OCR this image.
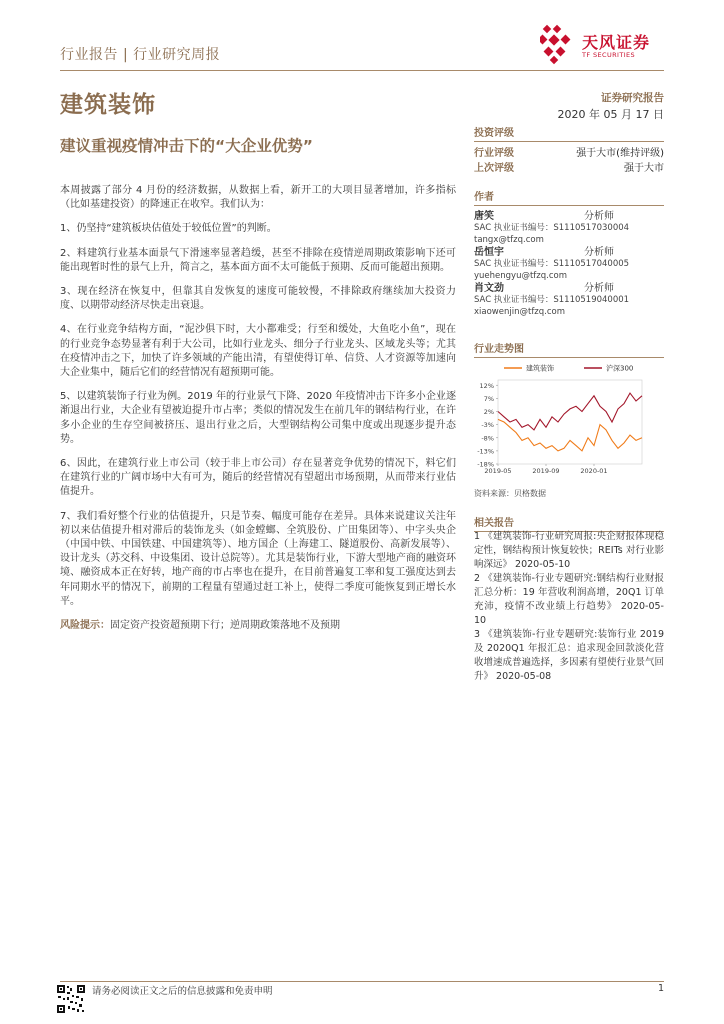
行业报告 | 行业研究周报
天风证券
TF SECURITIES
建筑装饰	证券研究报告
2020 年 05 月 17 日
建议重视疫情冲击下的“大企业优势”

本周披露了部分 4 月份的经济数据，从数据上看，新开工的大项目显著增加，许多指标（比如基建投资）的降速正在收窄。我们认为：

1、仍坚持“建筑板块估值处于较低位置”的判断。

2、料建筑行业基本面景气下滑速率显著趋缓，甚至不排除在疫情逆周期政策影响下还可能出现暂时性的景气上升，简言之，基本面方面不太可能低于预期、反而可能超出预期。

3、现在经济在恢复中，但靠其自发恢复的速度可能较慢，不排除政府继续加大投资力度、以期带动经济尽快走出衰退。

4、在行业竞争结构方面，“泥沙俱下时，大小都难受；行至和缓处，大鱼吃小鱼”，现在的行业竞争态势显著有利于大公司，比如行业龙头、细分子行业龙头、区域龙头等；尤其在疫情冲击之下，加快了许多领域的产能出清，有望使得订单、信贷、人才资源等加速向大企业集中，随后它们的经营情况有超预期可能。

5、以建筑装饰子行业为例。2019 年的行业景气下降、2020 年疫情冲击下许多小企业逐渐退出行业，大企业有望被迫提升市占率；类似的情况发生在前几年的钢结构行业，在许多小企业的生存空间被挤压、退出行业之后，大型钢结构公司集中度或出现逐步提升态势。

6、因此，在建筑行业上市公司（较于非上市公司）存在显著竞争优势的情况下，料它们在建筑行业的广阔市场中大有可为，随后的经营情况有望超出市场预期，从而带来行业估值提升。

7、我们看好整个行业的估值提升，只是节奏、幅度可能存在差异。具体来说建议关注年初以来估值提升相对滞后的装饰龙头（如金螳螂、全筑股份、广田集团等）、中字头央企（中国中铁、中国铁建、中国建筑等）、地方国企（上海建工、隧道股份、高新发展等）、设计龙头（苏交科、中设集团、设计总院等）。尤其是装饰行业，下游大型地产商的融资环境、融资成本正在好转，地产商的市占率也在提升，在目前普遍复工率和复工强度达到去年同期水平的情况下，前期的工程量有望通过赶工补上，使得二季度可能恢复到正增长水平。

风险提示：固定资产投资超预期下行；逆周期政策落地不及预期

投资评级
行业评级	强于大市(维持评级)
上次评级	强于大市
作者
唐笑	分析师
SAC 执业证书编号：S1110517030004
tangx@tfzq.com
岳恒宇	分析师
SAC 执业证书编号：S1110517040005
yuehengyu@tfzq.com
肖文劲	分析师
SAC 执业证书编号：S1110519040001
xiaowenjin@tfzq.com
行业走势图
12%
7%
2%
-3%
-8%
-13%
-18%
2019-05	2019-09	2020-01
建筑装饰	沪深300
资料来源：贝格数据
相关报告
1 《建筑装饰-行业研究周报:央企财报体现稳定性，钢结构预计恢复较快；REITs 对行业影响深远》 2020-05-10
2 《建筑装饰-行业专题研究:钢结构行业财报汇总分析：19 年营收利润高增，20Q1 订单充沛，疫情不改业绩上行趋势》 2020-05-10
3 《建筑装饰-行业专题研究:装饰行业 2019 及 2020Q1 年报汇总：追求现金回款淡化营收增速成普遍选择，多因素有望使行业景气回升》 2020-05-08
请务必阅读正文之后的信息披露和免责申明	1
